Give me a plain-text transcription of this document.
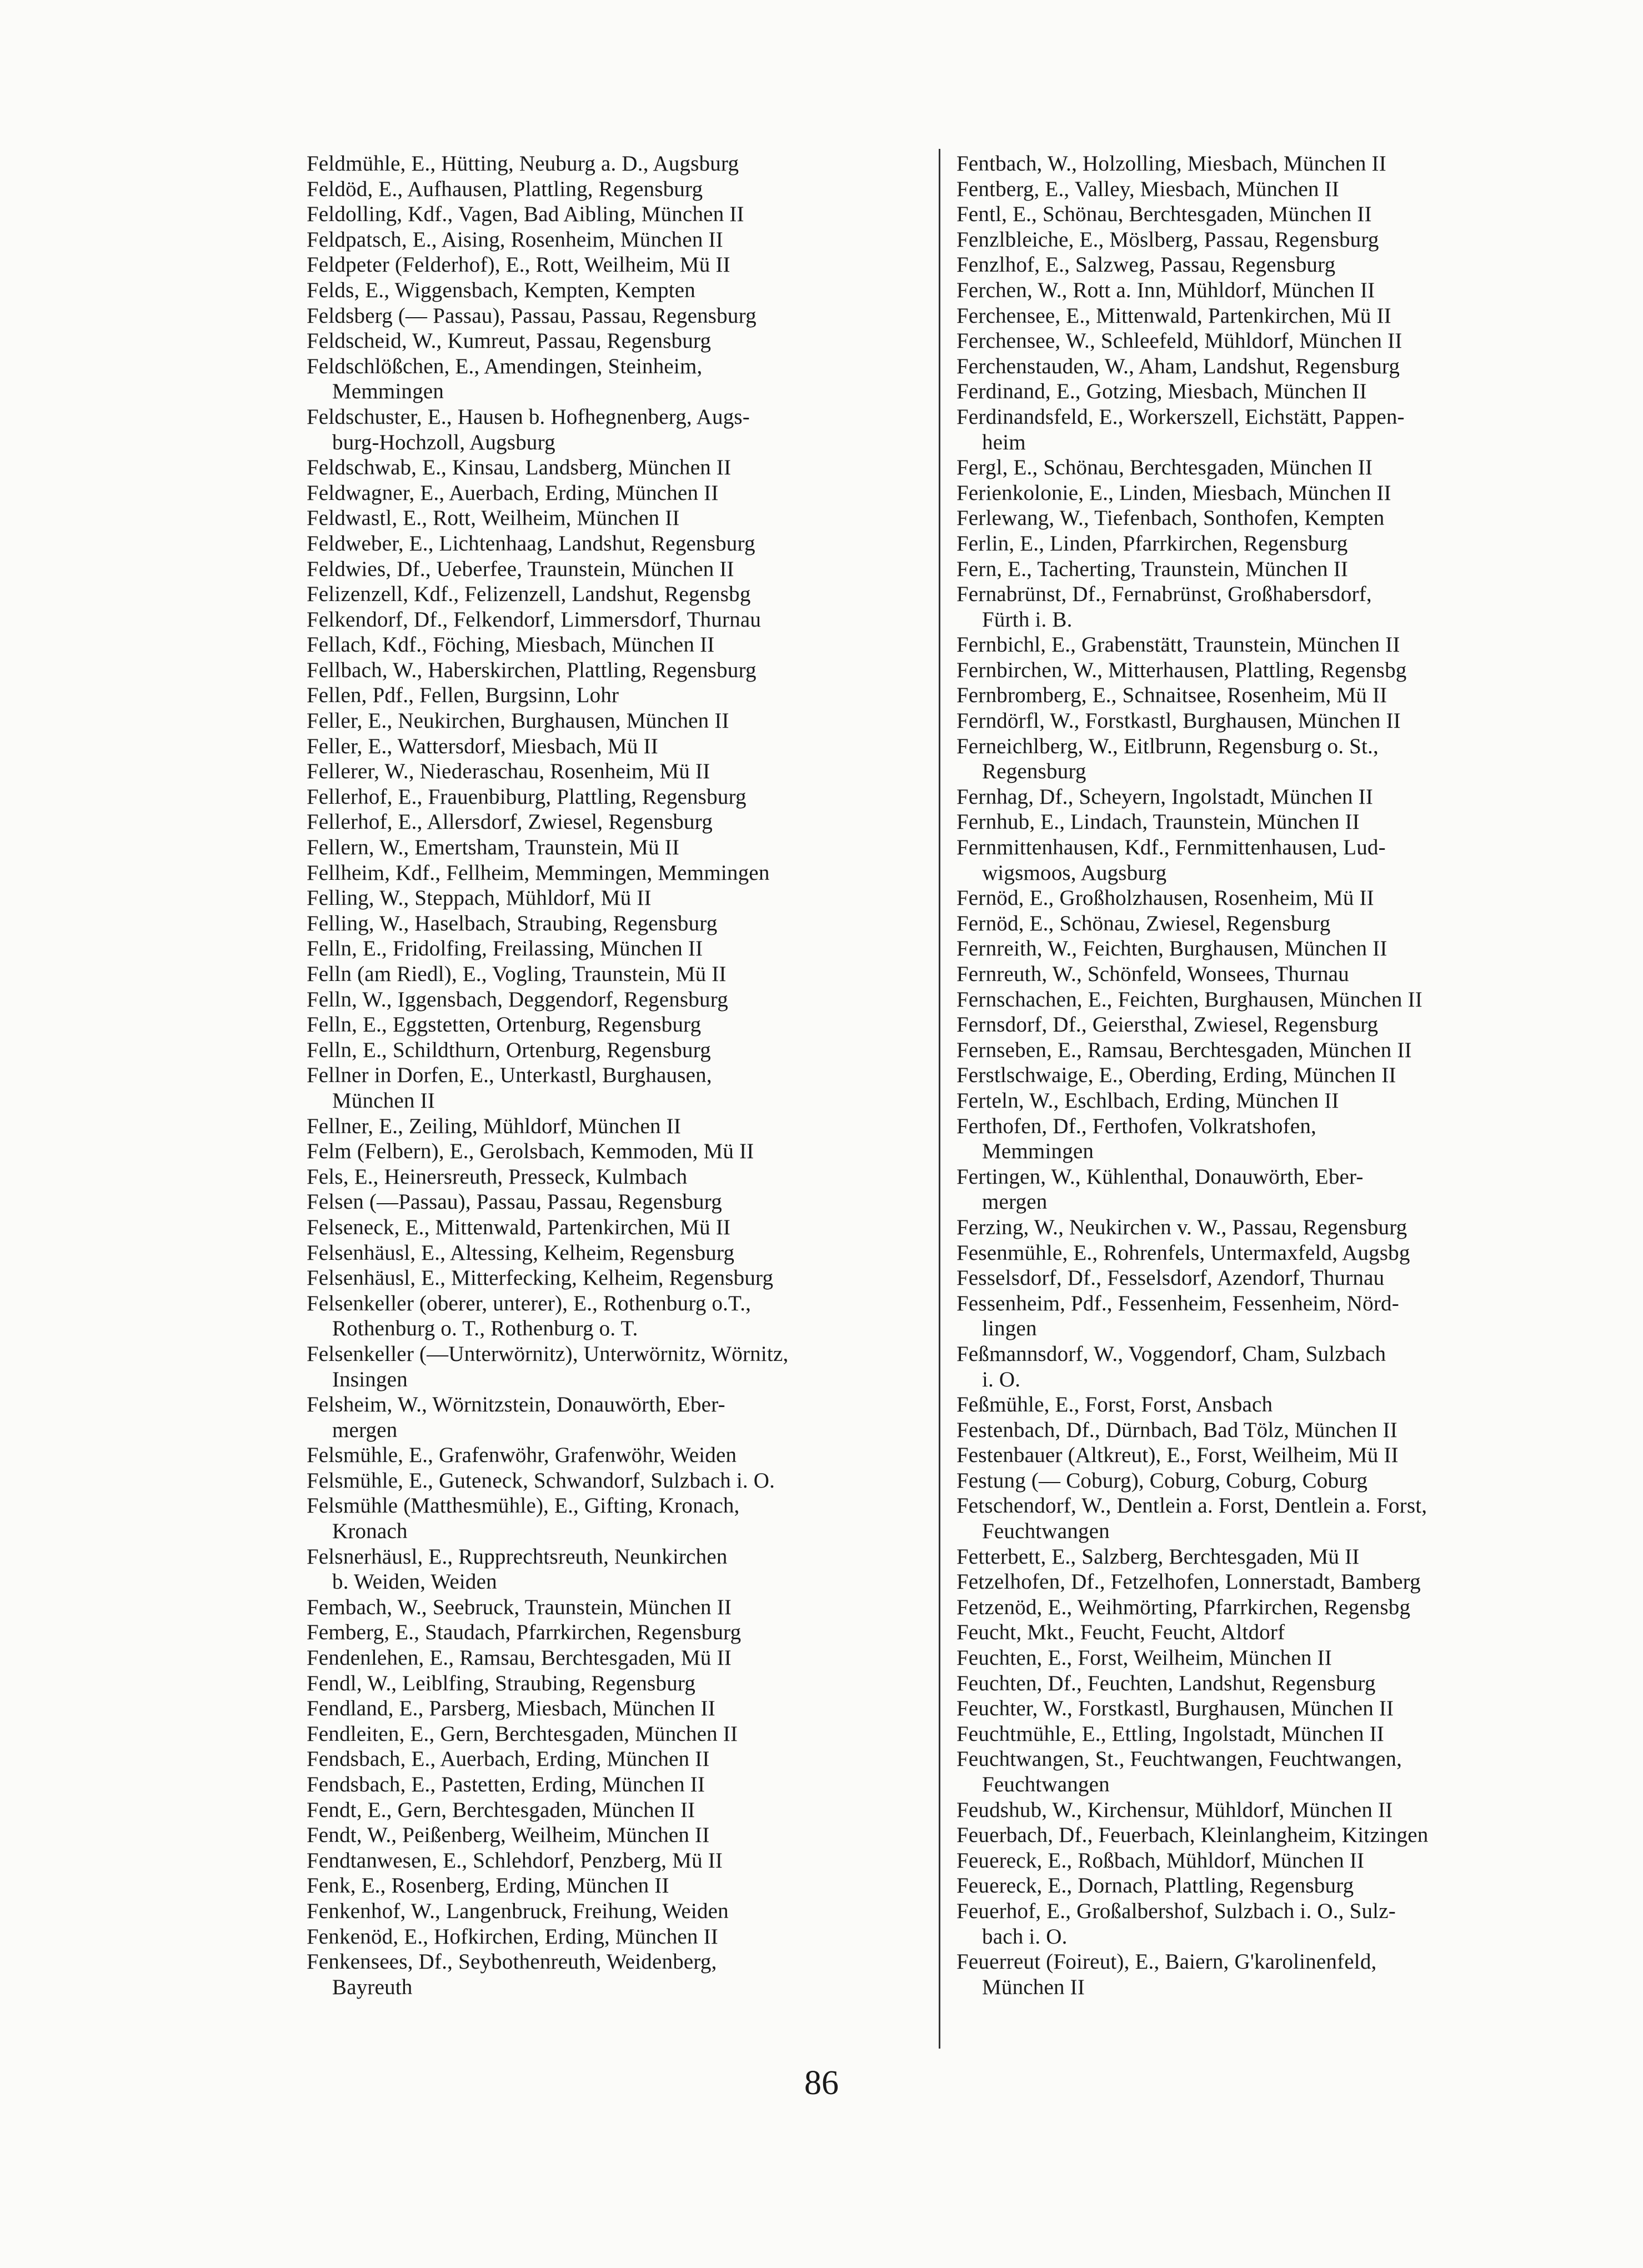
Feldmühle, E., Hütting, Neuburg a. D., Augsburg
Feldöd, E., Aufhausen, Plattling, Regensburg
Feldolling, Kdf., Vagen, Bad Aibling, München II
Feldpatsch, E., Aising, Rosenheim, München II
Feldpeter (Felderhof), E., Rott, Weilheim, Mü II
Felds, E., Wiggensbach, Kempten, Kempten
Feldsberg (— Passau), Passau, Passau, Regensburg
Feldscheid, W., Kumreut, Passau, Regensburg
Feldschlößchen, E., Amendingen, Steinheim,
Memmingen
Feldschuster, E., Hausen b. Hofhegnenberg, Augs-
burg-Hochzoll, Augsburg
Feldschwab, E., Kinsau, Landsberg, München II
Feldwagner, E., Auerbach, Erding, München II
Feldwastl, E., Rott, Weilheim, München II
Feldweber, E., Lichtenhaag, Landshut, Regensburg
Feldwies, Df., Ueberfee, Traunstein, München II
Felizenzell, Kdf., Felizenzell, Landshut, Regensbg
Felkendorf, Df., Felkendorf, Limmersdorf, Thurnau
Fellach, Kdf., Föching, Miesbach, München II
Fellbach, W., Haberskirchen, Plattling, Regensburg
Fellen, Pdf., Fellen, Burgsinn, Lohr
Feller, E., Neukirchen, Burghausen, München II
Feller, E., Wattersdorf, Miesbach, Mü II
Fellerer, W., Niederaschau, Rosenheim, Mü II
Fellerhof, E., Frauenbiburg, Plattling, Regensburg
Fellerhof, E., Allersdorf, Zwiesel, Regensburg
Fellern, W., Emertsham, Traunstein, Mü II
Fellheim, Kdf., Fellheim, Memmingen, Memmingen
Felling, W., Steppach, Mühldorf, Mü II
Felling, W., Haselbach, Straubing, Regensburg
Felln, E., Fridolfing, Freilassing, München II
Felln (am Riedl), E., Vogling, Traunstein, Mü II
Felln, W., Iggensbach, Deggendorf, Regensburg
Felln, E., Eggstetten, Ortenburg, Regensburg
Felln, E., Schildthurn, Ortenburg, Regensburg
Fellner in Dorfen, E., Unterkastl, Burghausen,
München II
Fellner, E., Zeiling, Mühldorf, München II
Felm (Felbern), E., Gerolsbach, Kemmoden, Mü II
Fels, E., Heinersreuth, Presseck, Kulmbach
Felsen (—Passau), Passau, Passau, Regensburg
Felseneck, E., Mittenwald, Partenkirchen, Mü II
Felsenhäusl, E., Altessing, Kelheim, Regensburg
Felsenhäusl, E., Mitterfecking, Kelheim, Regensburg
Felsenkeller (oberer, unterer), E., Rothenburg o.T.,
Rothenburg o. T., Rothenburg o. T.
Felsenkeller (—Unterwörnitz), Unterwörnitz, Wörnitz,
Insingen
Felsheim, W., Wörnitzstein, Donauwörth, Eber-
mergen
Felsmühle, E., Grafenwöhr, Grafenwöhr, Weiden
Felsmühle, E., Guteneck, Schwandorf, Sulzbach i. O.
Felsmühle (Matthesmühle), E., Gifting, Kronach,
Kronach
Felsnerhäusl, E., Rupprechtsreuth, Neunkirchen
b. Weiden, Weiden
Fembach, W., Seebruck, Traunstein, München II
Femberg, E., Staudach, Pfarrkirchen, Regensburg
Fendenlehen, E., Ramsau, Berchtesgaden, Mü II
Fendl, W., Leiblfing, Straubing, Regensburg
Fendland, E., Parsberg, Miesbach, München II
Fendleiten, E., Gern, Berchtesgaden, München II
Fendsbach, E., Auerbach, Erding, München II
Fendsbach, E., Pastetten, Erding, München II
Fendt, E., Gern, Berchtesgaden, München II
Fendt, W., Peißenberg, Weilheim, München II
Fendtanwesen, E., Schlehdorf, Penzberg, Mü II
Fenk, E., Rosenberg, Erding, München II
Fenkenhof, W., Langenbruck, Freihung, Weiden
Fenkenöd, E., Hofkirchen, Erding, München II
Fenkensees, Df., Seybothenreuth, Weidenberg,
Bayreuth
Fentbach, W., Holzolling, Miesbach, München II
Fentberg, E., Valley, Miesbach, München II
Fentl, E., Schönau, Berchtesgaden, München II
Fenzlbleiche, E., Möslberg, Passau, Regensburg
Fenzlhof, E., Salzweg, Passau, Regensburg
Ferchen, W., Rott a. Inn, Mühldorf, München II
Ferchensee, E., Mittenwald, Partenkirchen, Mü II
Ferchensee, W., Schleefeld, Mühldorf, München II
Ferchenstauden, W., Aham, Landshut, Regensburg
Ferdinand, E., Gotzing, Miesbach, München II
Ferdinandsfeld, E., Workerszell, Eichstätt, Pappen-
heim
Fergl, E., Schönau, Berchtesgaden, München II
Ferienkolonie, E., Linden, Miesbach, München II
Ferlewang, W., Tiefenbach, Sonthofen, Kempten
Ferlin, E., Linden, Pfarrkirchen, Regensburg
Fern, E., Tacherting, Traunstein, München II
Fernabrünst, Df., Fernabrünst, Großhabersdorf,
Fürth i. B.
Fernbichl, E., Grabenstätt, Traunstein, München II
Fernbirchen, W., Mitterhausen, Plattling, Regensbg
Fernbromberg, E., Schnaitsee, Rosenheim, Mü II
Ferndörfl, W., Forstkastl, Burghausen, München II
Ferneichlberg, W., Eitlbrunn, Regensburg o. St.,
Regensburg
Fernhag, Df., Scheyern, Ingolstadt, München II
Fernhub, E., Lindach, Traunstein, München II
Fernmittenhausen, Kdf., Fernmittenhausen, Lud-
wigsmoos, Augsburg
Fernöd, E., Großholzhausen, Rosenheim, Mü II
Fernöd, E., Schönau, Zwiesel, Regensburg
Fernreith, W., Feichten, Burghausen, München II
Fernreuth, W., Schönfeld, Wonsees, Thurnau
Fernschachen, E., Feichten, Burghausen, München II
Fernsdorf, Df., Geiersthal, Zwiesel, Regensburg
Fernseben, E., Ramsau, Berchtesgaden, München II
Ferstlschwaige, E., Oberding, Erding, München II
Ferteln, W., Eschlbach, Erding, München II
Ferthofen, Df., Ferthofen, Volkratshofen,
Memmingen
Fertingen, W., Kühlenthal, Donauwörth, Eber-
mergen
Ferzing, W., Neukirchen v. W., Passau, Regensburg
Fesenmühle, E., Rohrenfels, Untermaxfeld, Augsbg
Fesselsdorf, Df., Fesselsdorf, Azendorf, Thurnau
Fessenheim, Pdf., Fessenheim, Fessenheim, Nörd-
lingen
Feßmannsdorf, W., Voggendorf, Cham, Sulzbach
i. O.
Feßmühle, E., Forst, Forst, Ansbach
Festenbach, Df., Dürnbach, Bad Tölz, München II
Festenbauer (Altkreut), E., Forst, Weilheim, Mü II
Festung (— Coburg), Coburg, Coburg, Coburg
Fetschendorf, W., Dentlein a. Forst, Dentlein a. Forst,
Feuchtwangen
Fetterbett, E., Salzberg, Berchtesgaden, Mü II
Fetzelhofen, Df., Fetzelhofen, Lonnerstadt, Bamberg
Fetzenöd, E., Weihmörting, Pfarrkirchen, Regensbg
Feucht, Mkt., Feucht, Feucht, Altdorf
Feuchten, E., Forst, Weilheim, München II
Feuchten, Df., Feuchten, Landshut, Regensburg
Feuchter, W., Forstkastl, Burghausen, München II
Feuchtmühle, E., Ettling, Ingolstadt, München II
Feuchtwangen, St., Feuchtwangen, Feuchtwangen,
Feuchtwangen
Feudshub, W., Kirchensur, Mühldorf, München II
Feuerbach, Df., Feuerbach, Kleinlangheim, Kitzingen
Feuereck, E., Roßbach, Mühldorf, München II
Feuereck, E., Dornach, Plattling, Regensburg
Feuerhof, E., Großalbershof, Sulzbach i. O., Sulz-
bach i. O.
Feuerreut (Foireut), E., Baiern, G'karolinenfeld,
München II
86
